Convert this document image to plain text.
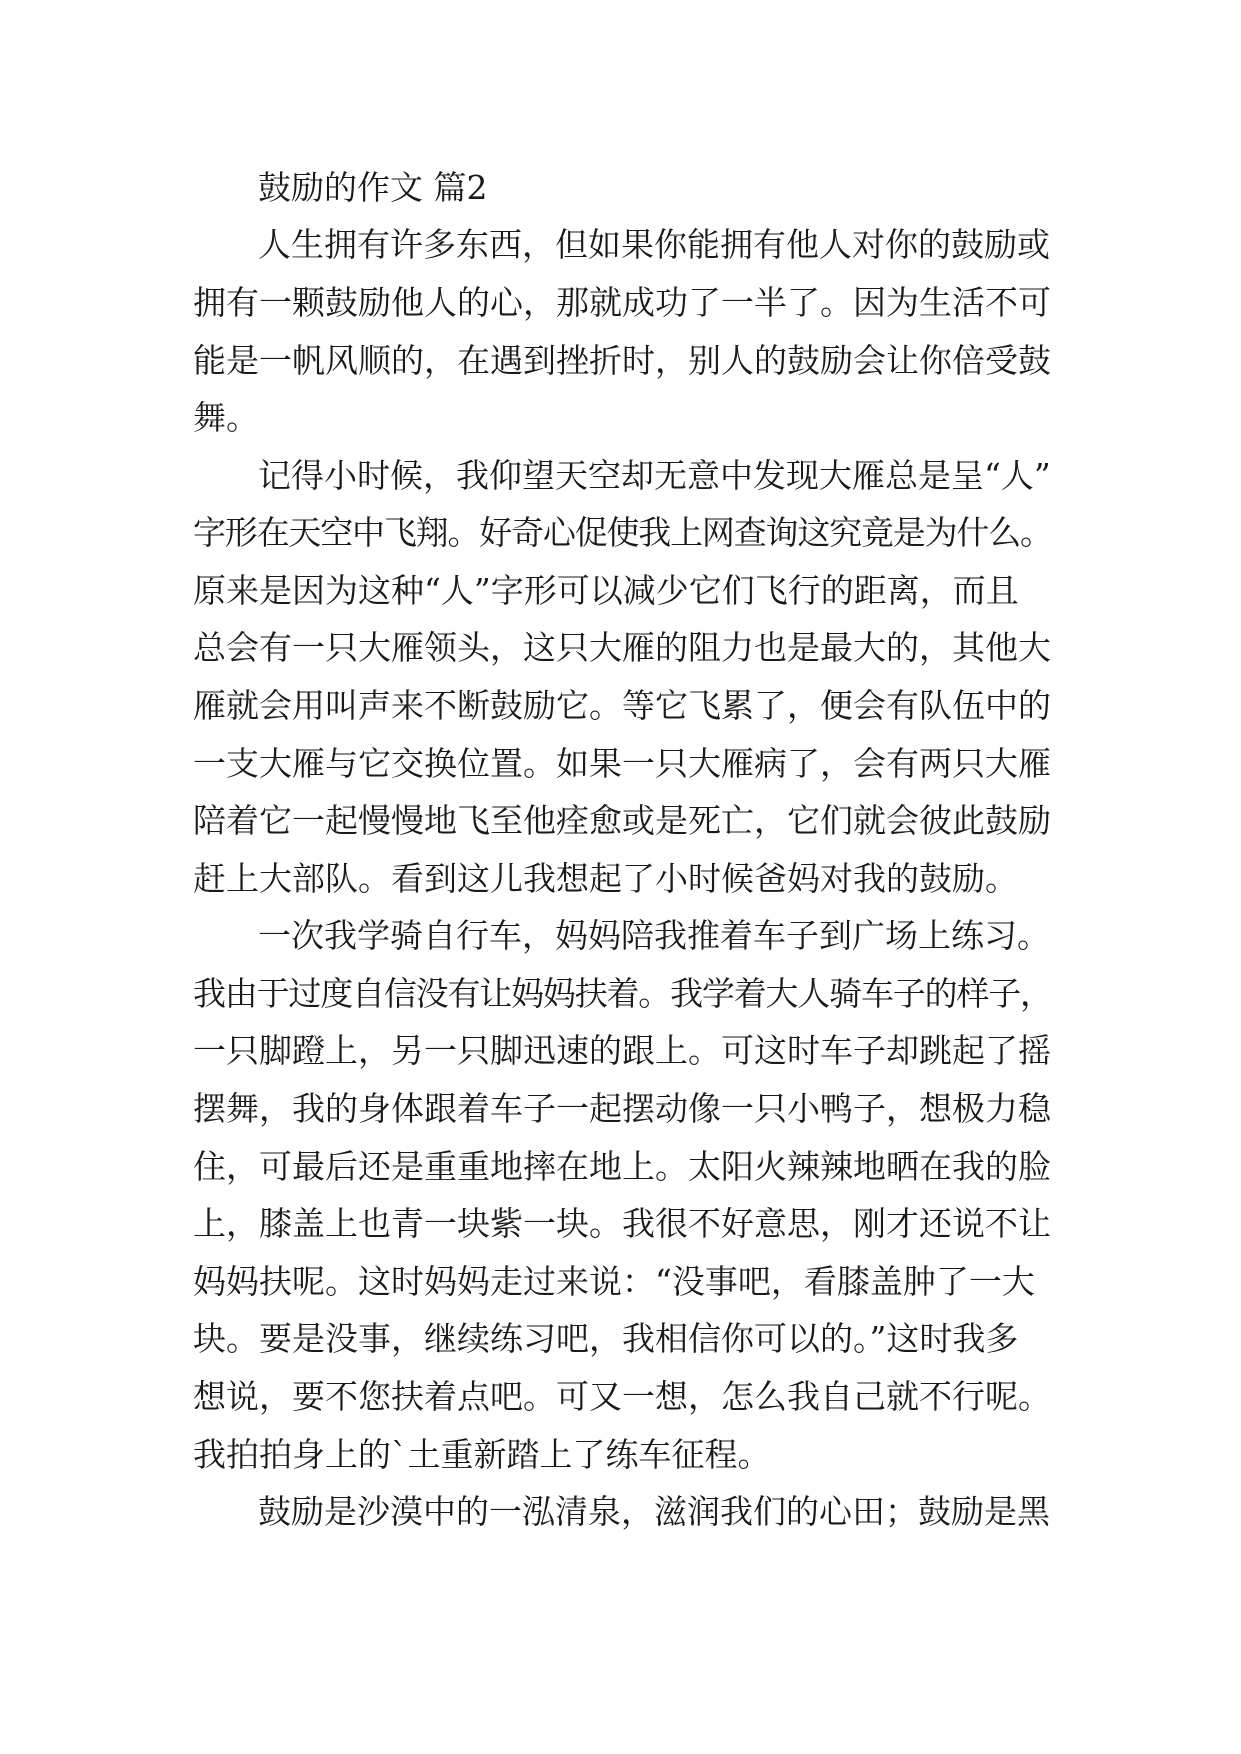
鼓励的作文 篇2
人生拥有许多东西，但如果你能拥有他人对你的鼓励或
拥有一颗鼓励他人的心，那就成功了一半了。因为生活不可
能是一帆风顺的，在遇到挫折时，别人的鼓励会让你倍受鼓
舞。
记得小时候，我仰望天空却无意中发现大雁总是呈“人”
字形在天空中飞翔。好奇心促使我上网查询这究竟是为什么。
原来是因为这种“人”字形可以减少它们飞行的距离，而且
总会有一只大雁领头，这只大雁的阻力也是最大的，其他大
雁就会用叫声来不断鼓励它。等它飞累了，便会有队伍中的
一支大雁与它交换位置。如果一只大雁病了，会有两只大雁
陪着它一起慢慢地飞至他痊愈或是死亡，它们就会彼此鼓励
赶上大部队。看到这儿我想起了小时候爸妈对我的鼓励。
一次我学骑自行车，妈妈陪我推着车子到广场上练习。
我由于过度自信没有让妈妈扶着。我学着大人骑车子的样子，
一只脚蹬上，另一只脚迅速的跟上。可这时车子却跳起了摇
摆舞，我的身体跟着车子一起摆动像一只小鸭子，想极力稳
住，可最后还是重重地摔在地上。太阳火辣辣地晒在我的脸
上，膝盖上也青一块紫一块。我很不好意思，刚才还说不让
妈妈扶呢。这时妈妈走过来说：“没事吧，看膝盖肿了一大
块。要是没事，继续练习吧，我相信你可以的。”这时我多
想说，要不您扶着点吧。可又一想，怎么我自己就不行呢。
我拍拍身上的`土重新踏上了练车征程。
鼓励是沙漠中的一泓清泉，滋润我们的心田；鼓励是黑
